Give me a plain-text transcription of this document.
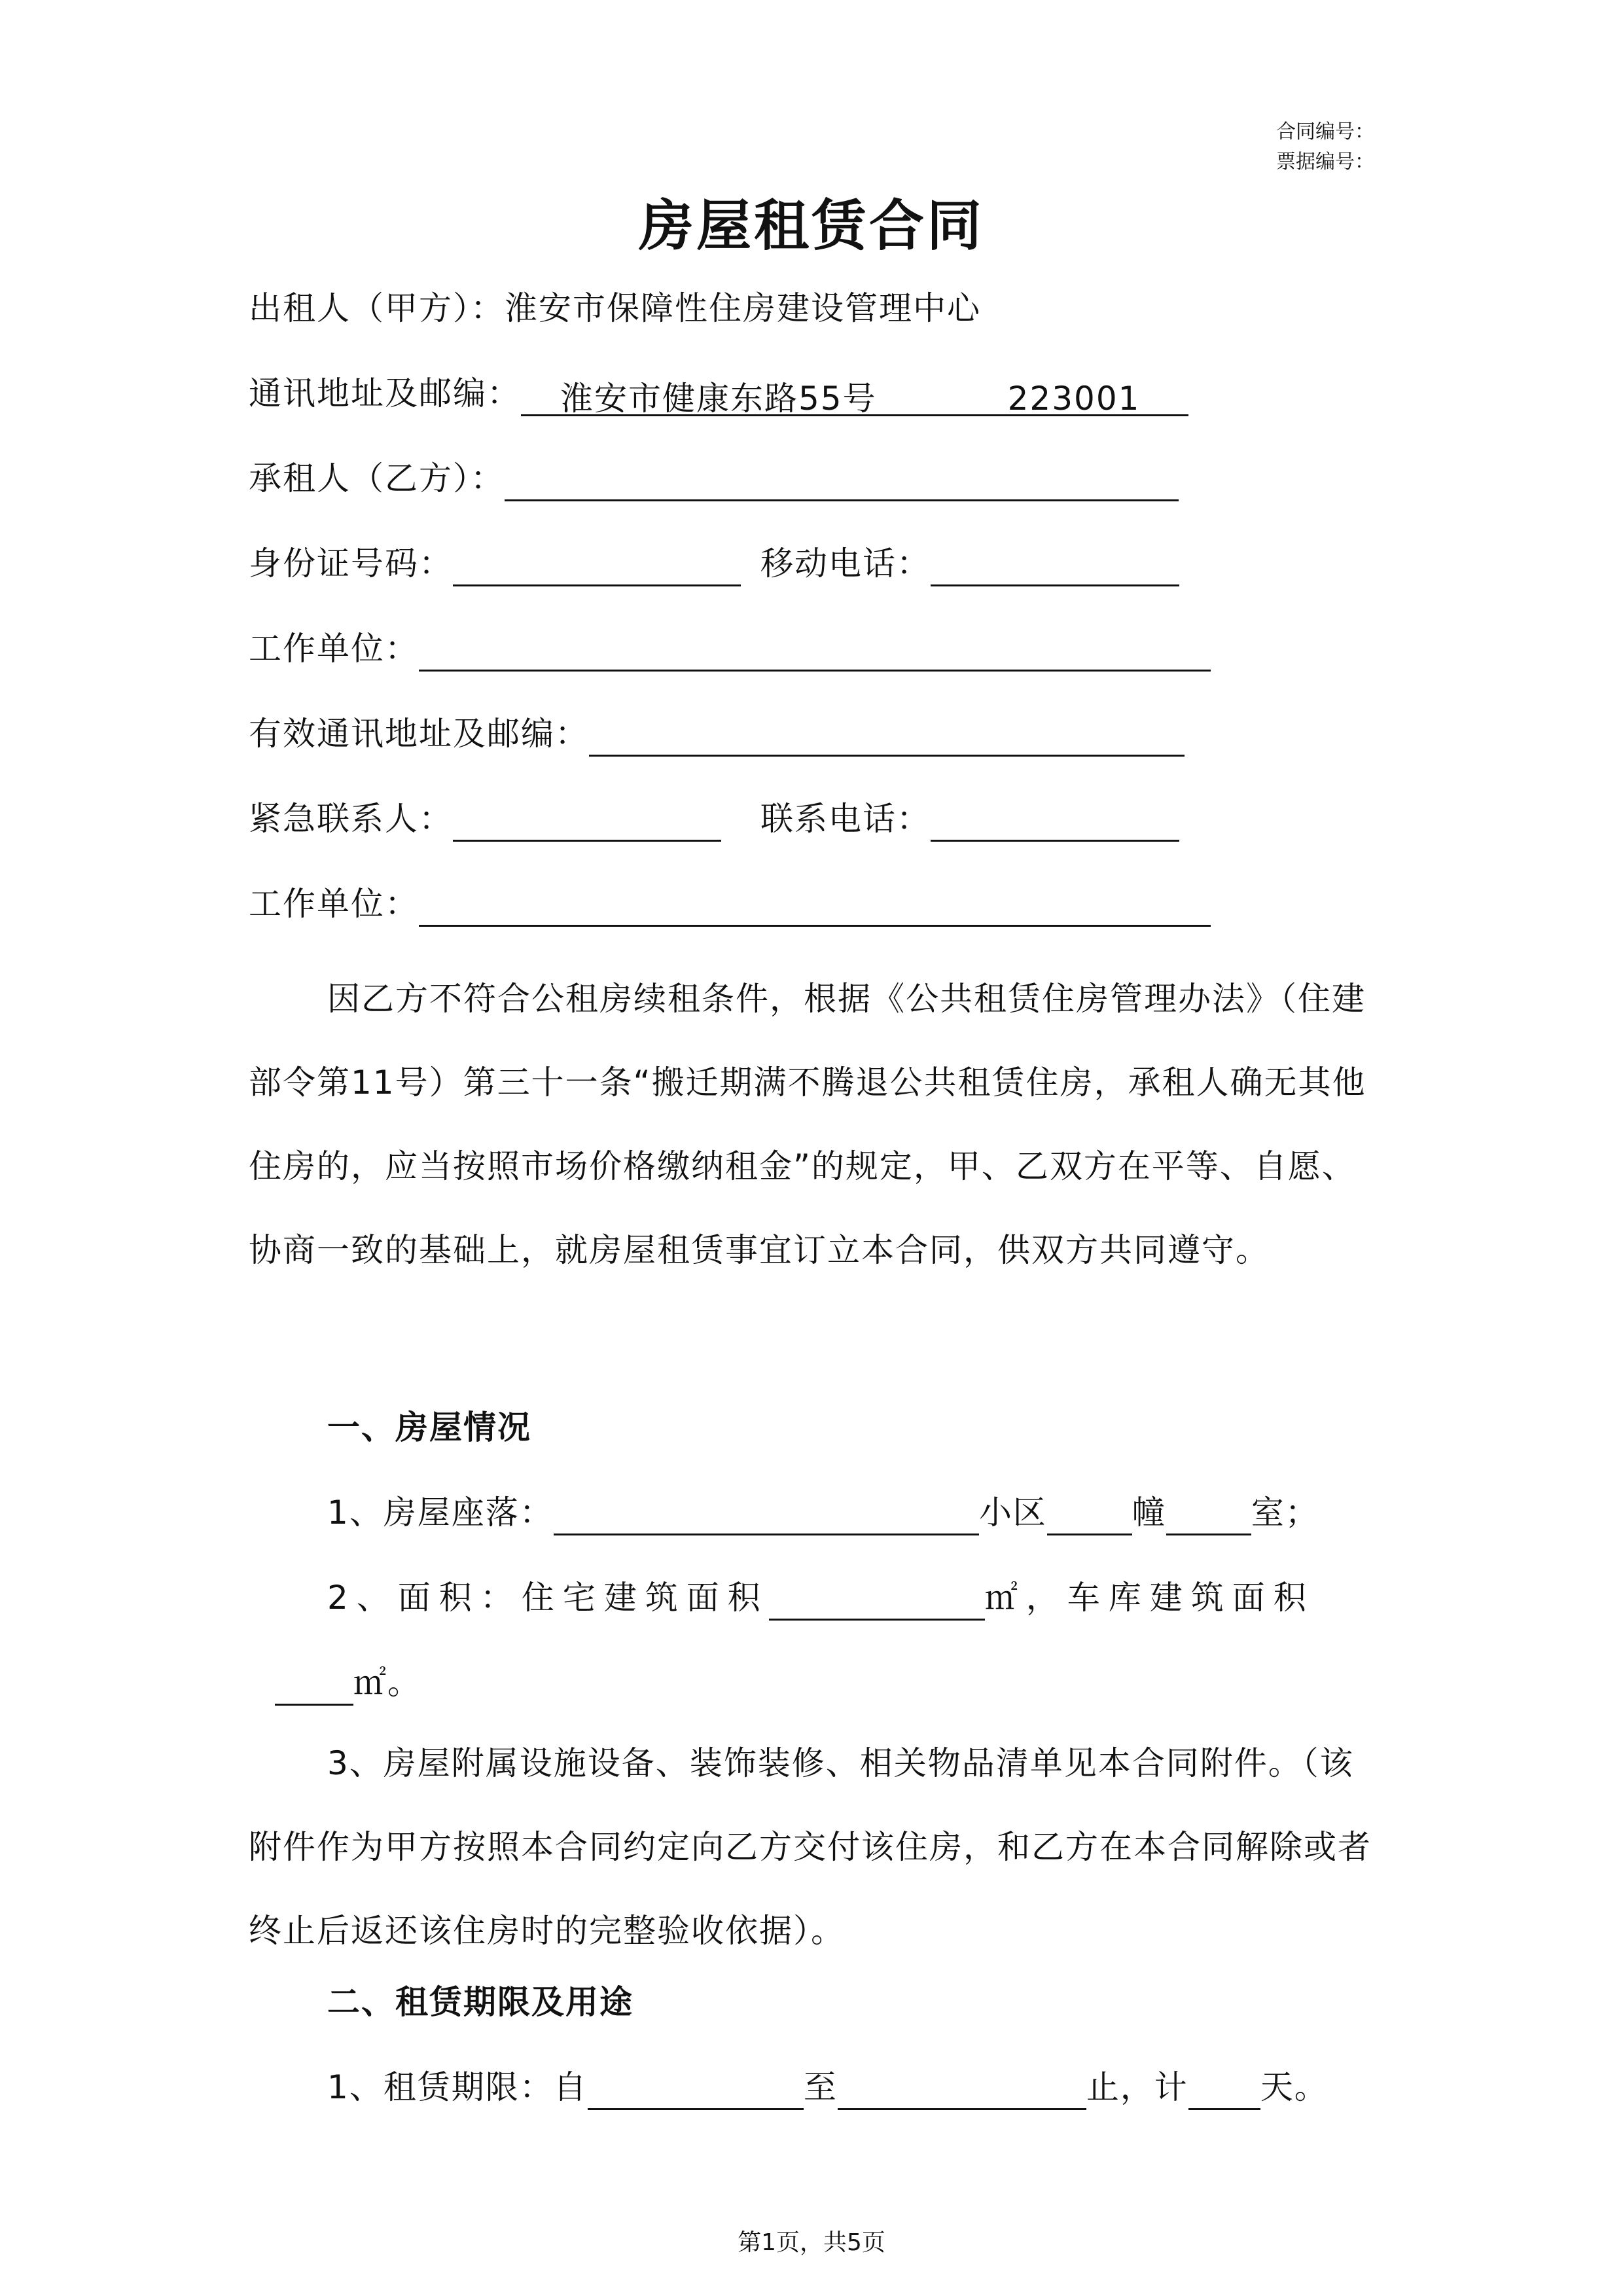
合同编号：
票据编号：
房屋租赁合同
出租人（甲方）：淮安市保障性住房建设管理中心
通讯地址及邮编： 淮安市健康东路55号	223001
承租人（乙方）：
身份证号码：	移动电话：
工作单位：
有效通讯地址及邮编：
紧急联系人：	联系电话：
工作单位：
因乙方不符合公租房续租条件，根据《公共租赁住房管理办法》（住建部令第11号）第三十一条“搬迁期满不腾退公共租赁住房，承租人确无其他住房的，应当按照市场价格缴纳租金”的规定，甲、乙双方在平等、自愿、协商一致的基础上，就房屋租赁事宜订立本合同，供双方共同遵守。
一、房屋情况
1、房屋座落：	小区	幢	室；
2、面积：住宅建筑面积	㎡，车库建筑面积
㎡。
3、房屋附属设施设备、装饰装修、相关物品清单见本合同附件。（该附件作为甲方按照本合同约定向乙方交付该住房，和乙方在本合同解除或者终止后返还该住房时的完整验收依据）。
二、租赁期限及用途
1、租赁期限：自	至	止，计 天。
第1页，共5页
